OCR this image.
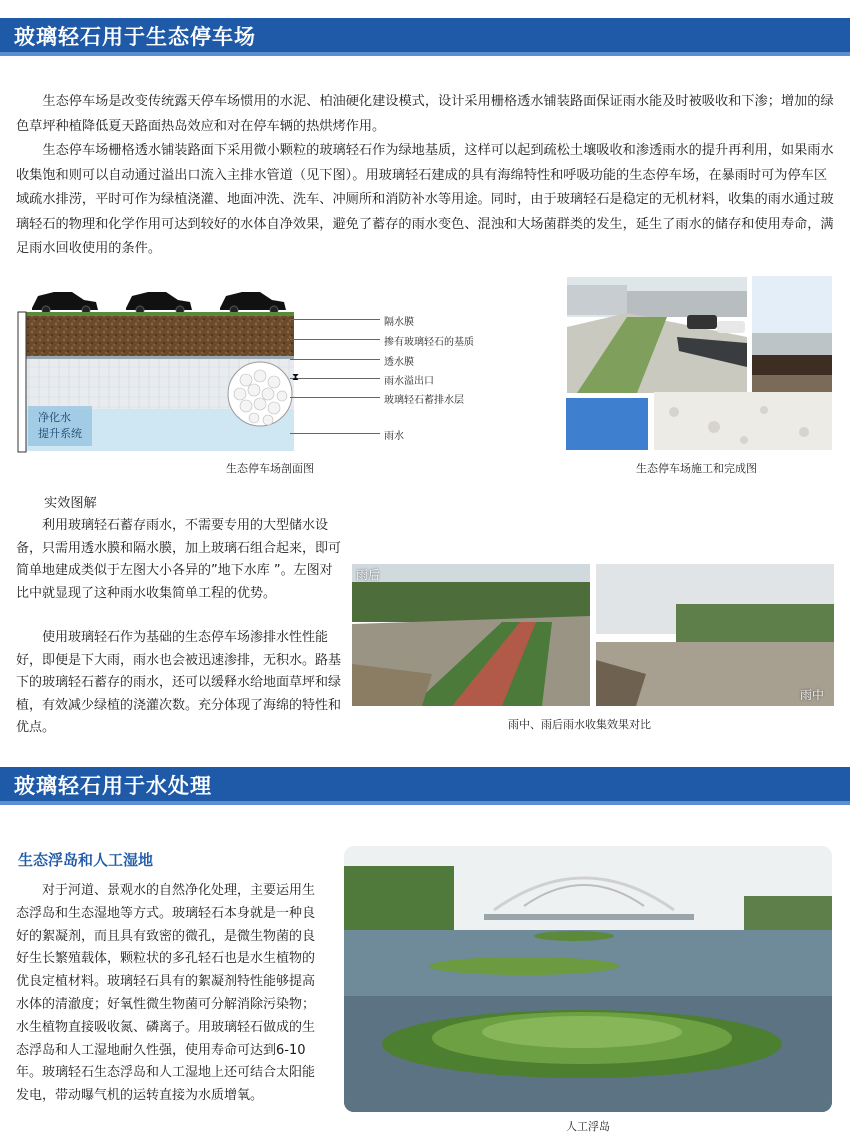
玻璃轻石用于生态停车场

生态停车场是改变传统露天停车场惯用的水泥、柏油硬化建设模式，设计采用栅格透水铺装路面保证雨水能及时被吸收和下渗；增加的绿色草坪种植降低夏天路面热岛效应和对在停车辆的热烘烤作用。

生态停车场栅格透水铺装路面下采用微小颗粒的玻璃轻石作为绿地基质，这样可以起到疏松土壤吸收和渗透雨水的提升再利用，如果雨水收集饱和则可以自动通过溢出口流入主排水管道（见下图）。用玻璃轻石建成的具有海绵特性和呼吸功能的生态停车场，在暴雨时可为停车区域疏水排涝，平时可作为绿植浇灌、地面冲洗、洗车、冲厕所和消防补水等用途。同时，由于玻璃轻石是稳定的无机材料，收集的雨水通过玻璃轻石的物理和化学作用可达到较好的水体自净效果，避免了蓄存的雨水变色、混浊和大场菌群类的发生，延生了雨水的储存和使用寿命，满足雨水回收使用的条件。

净化水
提升系统
隔水膜
掺有玻璃轻石的基质
透水膜
⧗	雨水溢出口
玻璃轻石蓄排水层
雨水
生态停车场剖面图	生态停车场施工和完成图
实效图解

利用玻璃轻石蓄存雨水，不需要专用的大型储水设备，只需用透水膜和隔水膜，加上玻璃石组合起来，即可简单地建成类似于左图大小各异的”地下水库 ”。左图对比中就显现了这种雨水收集简单工程的优势。

使用玻璃轻石作为基础的生态停车场渗排水性性能好，即便是下大雨，雨水也会被迅速渗排，无积水。路基下的玻璃轻石蓄存的雨水，还可以缓释水给地面草坪和绿植，有效减少绿植的浇灌次数。充分体现了海绵的特性和优点。

雨后
雨中
雨中、雨后雨水收集效果对比
玻璃轻石用于水处理
生态浮岛和人工湿地

对于河道、景观水的自然净化处理，主要运用生态浮岛和生态湿地等方式。玻璃轻石本身就是一种良好的絮凝剂，而且具有致密的微孔，是微生物菌的良好生长繁殖载体，颗粒状的多孔轻石也是水生植物的优良定植材料。玻璃轻石具有的絮凝剂特性能够提高水体的清澈度；好氧性微生物菌可分解消除污染物；水生植物直接吸收氮、磷离子。用玻璃轻石做成的生态浮岛和人工湿地耐久性强，使用寿命可达到6-10年。玻璃轻石生态浮岛和人工湿地上还可结合太阳能发电，带动曝气机的运转直接为水质增氧。

人工浮岛
